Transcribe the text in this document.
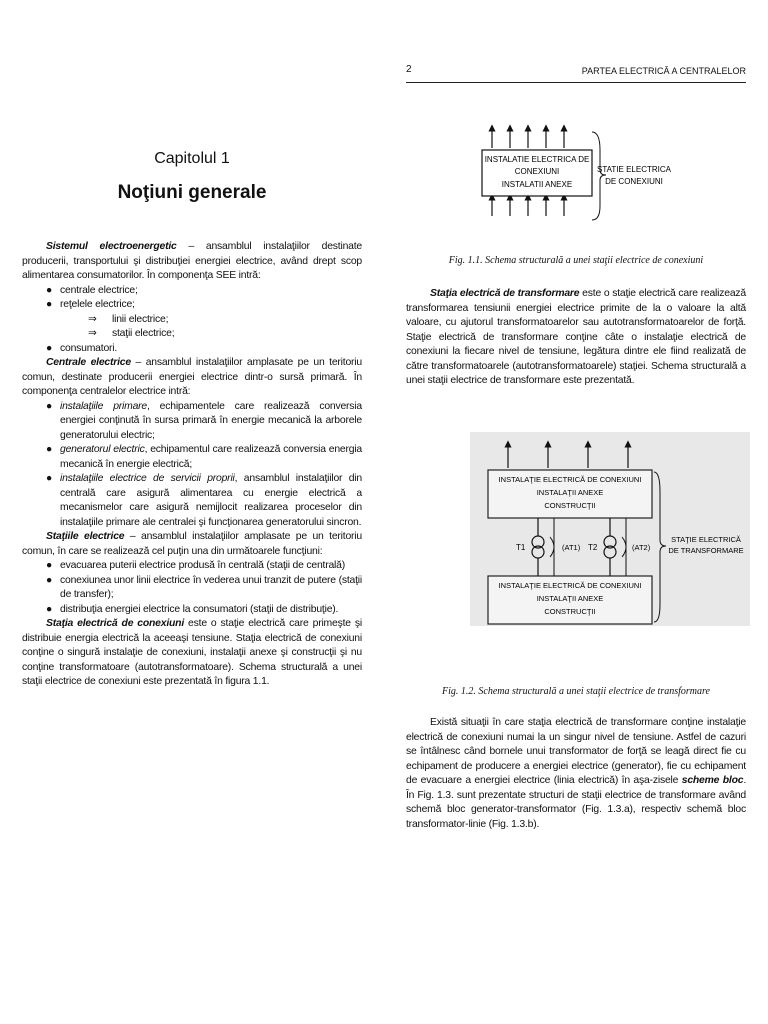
2	PARTEA ELECTRICĂ A CENTRALELOR
Capitolul 1
Noţiuni generale

Sistemul electroenergetic – ansamblul instalaţiilor destinate producerii, transportului şi distribuţiei energiei electrice, având drept scop alimentarea consumatorilor. În componenţa SEE intră:

● centrale electrice;
● reţelele electrice;
⇒ linii electrice;
⇒ staţii electrice;
● consumatori.

Centrale electrice – ansamblul instalaţiilor amplasate pe un teritoriu comun, destinate producerii energiei electrice dintr-o sursă primară. În componenţa centralelor electrice intră:

● instalaţiile primare, echipamentele care realizează conversia energiei conţinută în sursa primară în energie mecanică la arborele generatorului electric;
● generatorul electric, echipamentul care realizează conversia energia mecanică în energie electrică;
● instalaţiile electrice de servicii proprii, ansamblul instalaţiilor din centrală care asigură alimentarea cu energie electrică a mecanismelor care asigură nemijlocit realizarea proceselor din instalaţiile primare ale centralei şi funcţionarea generatorului sincron.

Staţiile electrice – ansamblul instalaţiilor amplasate pe un teritoriu comun, în care se realizează cel puţin una din următoarele funcţiuni:

● evacuarea puterii electrice produsă în centrală (staţii de centrală)
● conexiunea unor linii electrice în vederea unui tranzit de putere (staţii de transfer);
● distribuţia energiei electrice la consumatori (staţii de distribuţie).

Staţia electrică de conexiuni este o staţie electrică care primeşte şi distribuie energia electrică la aceeaşi tensiune. Staţia electrică de conexiuni conţine o singură instalaţie de conexiuni, instalaţii anexe şi construcţii şi nu conţine transformatoare (autotransformatoare). Schema structurală a unei staţii electrice de conexiuni este prezentată în figura 1.1.

INSTALATIE ELECTRICA DE
CONEXIUNI
INSTALATII ANEXE
STATIE ELECTRICA
DE CONEXIUNI
Fig. 1.1. Schema structurală a unei staţii electrice de conexiuni

Staţia electrică de transformare este o staţie electrică care realizează transformarea tensiunii energiei electrice primite de la o valoare la altă valoare, cu ajutorul transformatoarelor sau autotransformatoarelor de forţă. Staţie electrică de transformare conţine câte o instalaţie electrică de conexiuni la fiecare nivel de tensiune, legătura dintre ele fiind realizată de către transformatoarele (autotransformatoarele) staţiei. Schema structurală a unei staţii electrice de transformare este prezentată.

INSTALAŢIE ELECTRICĂ DE CONEXIUNI
INSTALAŢII ANEXE
CONSTRUCŢII
T1	(AT1) T2	(AT2)
INSTALAŢIE ELECTRICĂ DE CONEXIUNI
INSTALAŢII ANEXE
CONSTRUCŢII
STAŢIE ELECTRICĂ
DE TRANSFORMARE
Fig. 1.2. Schema structurală a unei staţii electrice de transformare

Există situaţii în care staţia electrică de transformare conţine instalaţie electrică de conexiuni numai la un singur nivel de tensiune. Astfel de cazuri se întâlnesc când bornele unui transformator de forţă se leagă direct fie cu echipament de producere a energiei electrice (generator), fie cu echipament de evacuare a energiei electrice (linia electrică) în aşa-zisele scheme bloc. În Fig. 1.3. sunt prezentate structuri de staţii electrice de transformare având schemă bloc generator-transformator (Fig. 1.3.a), respectiv schemă bloc transformator-linie (Fig. 1.3.b).
